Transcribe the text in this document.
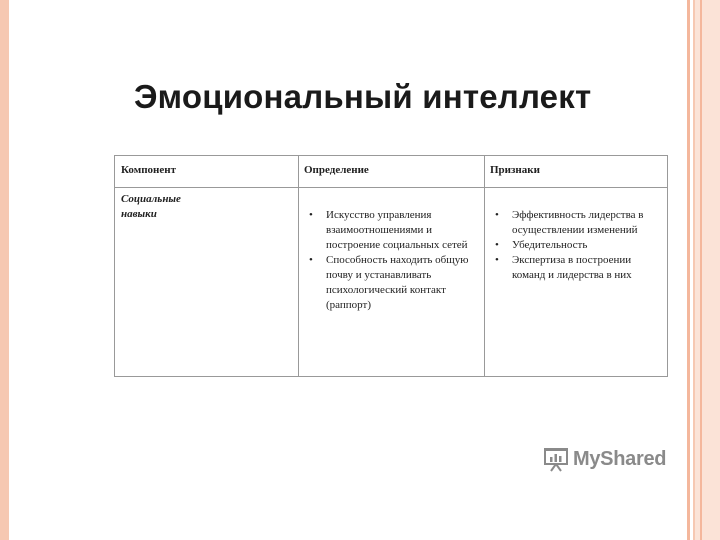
Эмоциональный интеллект
Компонент	Определение	Признаки
Социальные навыки
•	Искусство управления взаимоотношениями и построение социальных сетей
• Способность находить общую почву и устанавливать психологический контакт (раппорт)
• Эффективность лидерства в осуществлении изменений
• Убедительность
• Экспертиза в построении команд и лидерства в них
MyShared
